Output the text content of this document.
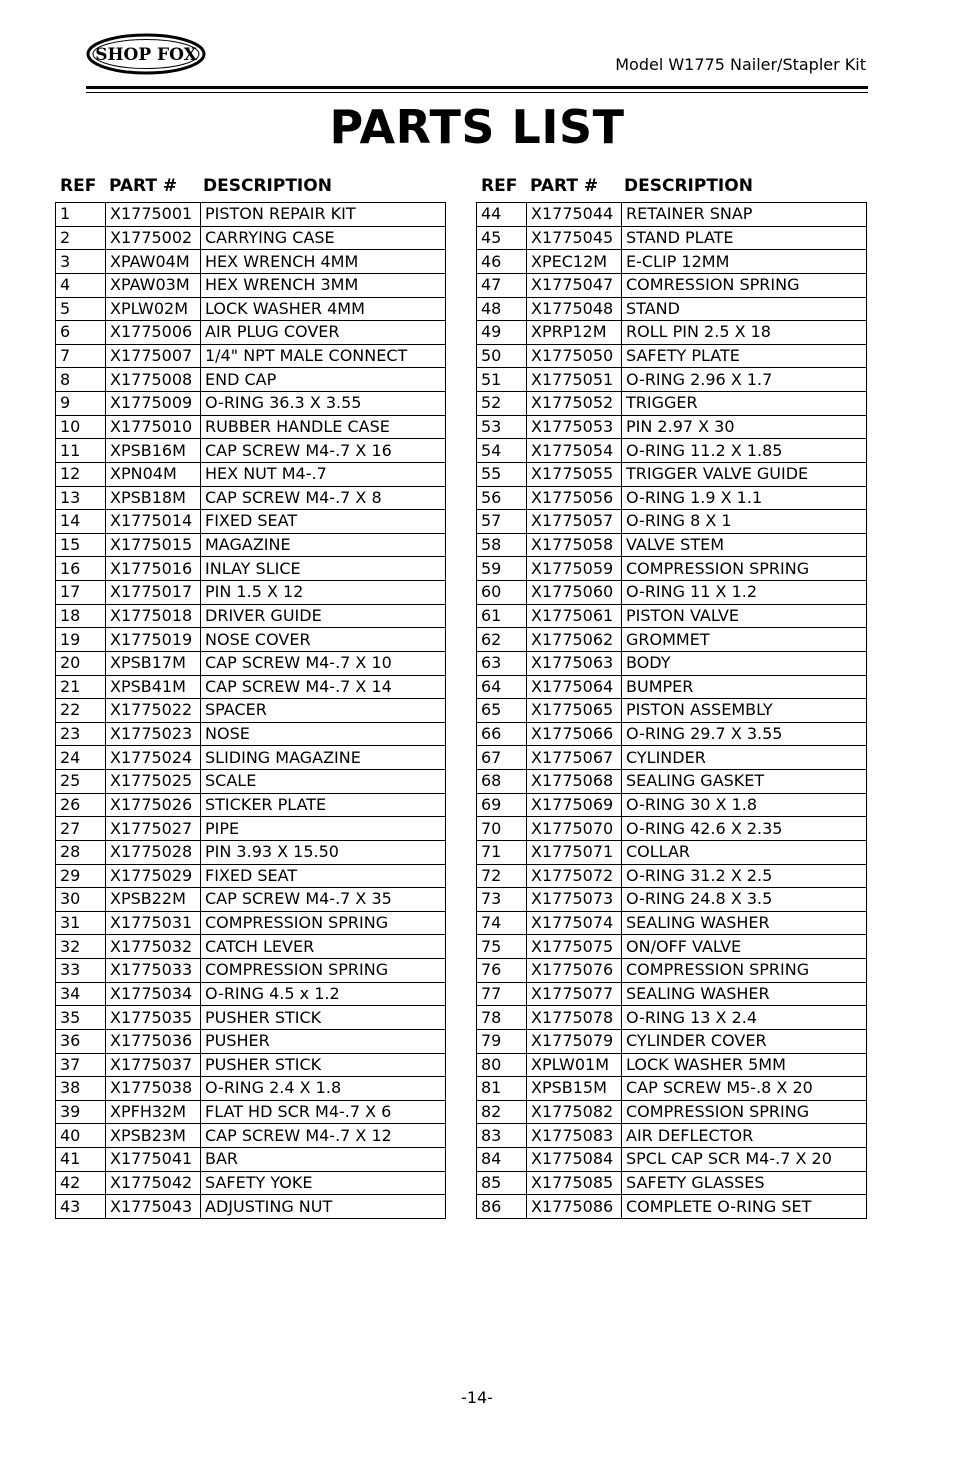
SHOP FOX	Model W1775 Nailer/Stapler Kit
PARTS LIST
REF PART # DESCRIPTION
1	X1775001	PISTON REPAIR KIT
2	X1775002	CARRYING CASE
3	XPAW04M	HEX WRENCH 4MM
4	XPAW03M	HEX WRENCH 3MM
5	XPLW02M	LOCK WASHER 4MM
6	X1775006	AIR PLUG COVER
7	X1775007	1/4" NPT MALE CONNECT
8	X1775008	END CAP
9	X1775009	O-RING 36.3 X 3.55
10	X1775010	RUBBER HANDLE CASE
11	XPSB16M	CAP SCREW M4-.7 X 16
12	XPN04M	HEX NUT M4-.7
13	XPSB18M	CAP SCREW M4-.7 X 8
14	X1775014	FIXED SEAT
15	X1775015	MAGAZINE
16	X1775016	INLAY SLICE
17	X1775017	PIN 1.5 X 12
18	X1775018	DRIVER GUIDE
19	X1775019	NOSE COVER
20	XPSB17M	CAP SCREW M4-.7 X 10
21	XPSB41M	CAP SCREW M4-.7 X 14
22	X1775022	SPACER
23	X1775023	NOSE
24	X1775024	SLIDING MAGAZINE
25	X1775025	SCALE
26	X1775026	STICKER PLATE
27	X1775027	PIPE
28	X1775028	PIN 3.93 X 15.50
29	X1775029	FIXED SEAT
30	XPSB22M	CAP SCREW M4-.7 X 35
31	X1775031	COMPRESSION SPRING
32	X1775032	CATCH LEVER
33	X1775033	COMPRESSION SPRING
34	X1775034	O-RING 4.5 x 1.2
35	X1775035	PUSHER STICK
36	X1775036	PUSHER
37	X1775037	PUSHER STICK
38	X1775038	O-RING 2.4 X 1.8
39	XPFH32M	FLAT HD SCR M4-.7 X 6
40	XPSB23M	CAP SCREW M4-.7 X 12
41	X1775041	BAR
42	X1775042	SAFETY YOKE
43	X1775043	ADJUSTING NUT
REF PART # DESCRIPTION
44	X1775044	RETAINER SNAP
45	X1775045	STAND PLATE
46	XPEC12M	E-CLIP 12MM
47	X1775047	COMRESSION SPRING
48	X1775048	STAND
49	XPRP12M	ROLL PIN 2.5 X 18
50	X1775050	SAFETY PLATE
51	X1775051	O-RING 2.96 X 1.7
52	X1775052	TRIGGER
53	X1775053	PIN 2.97 X 30
54	X1775054	O-RING 11.2 X 1.85
55	X1775055	TRIGGER VALVE GUIDE
56	X1775056	O-RING 1.9 X 1.1
57	X1775057	O-RING 8 X 1
58	X1775058	VALVE STEM
59	X1775059	COMPRESSION SPRING
60	X1775060	O-RING 11 X 1.2
61	X1775061	PISTON VALVE
62	X1775062	GROMMET
63	X1775063	BODY
64	X1775064	BUMPER
65	X1775065	PISTON ASSEMBLY
66	X1775066	O-RING 29.7 X 3.55
67	X1775067	CYLINDER
68	X1775068	SEALING GASKET
69	X1775069	O-RING 30 X 1.8
70	X1775070	O-RING 42.6 X 2.35
71	X1775071	COLLAR
72	X1775072	O-RING 31.2 X 2.5
73	X1775073	O-RING 24.8 X 3.5
74	X1775074	SEALING WASHER
75	X1775075	ON/OFF VALVE
76	X1775076	COMPRESSION SPRING
77	X1775077	SEALING WASHER
78	X1775078	O-RING 13 X 2.4
79	X1775079	CYLINDER COVER
80	XPLW01M	LOCK WASHER 5MM
81	XPSB15M	CAP SCREW M5-.8 X 20
82	X1775082	COMPRESSION SPRING
83	X1775083	AIR DEFLECTOR
84	X1775084	SPCL CAP SCR M4-.7 X 20
85	X1775085	SAFETY GLASSES
86	X1775086	COMPLETE O-RING SET
-14-
